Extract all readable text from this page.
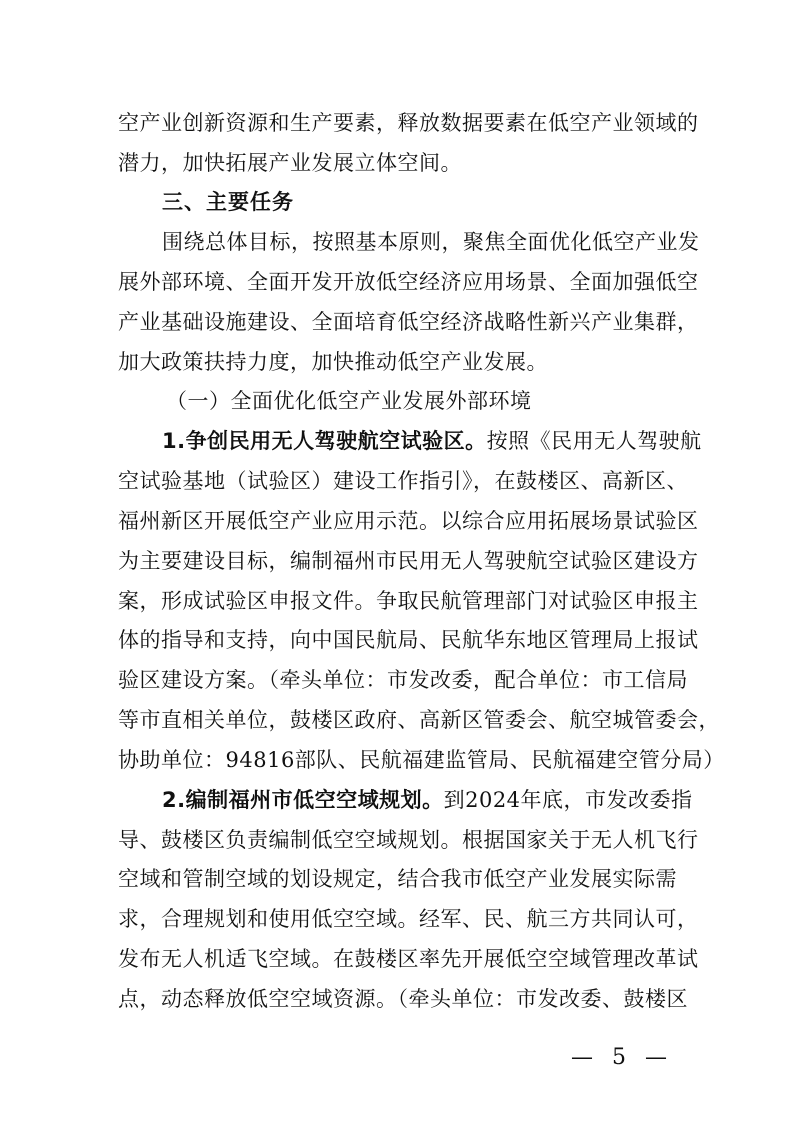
空产业创新资源和生产要素，释放数据要素在低空产业领域的
潜力，加快拓展产业发展立体空间。
三、主要任务
围绕总体目标，按照基本原则，聚焦全面优化低空产业发
展外部环境、全面开发开放低空经济应用场景、全面加强低空
产业基础设施建设、全面培育低空经济战略性新兴产业集群，
加大政策扶持力度，加快推动低空产业发展。
（一）全面优化低空产业发展外部环境
1.争创民用无人驾驶航空试验区。按照《民用无人驾驶航
空试验基地（试验区）建设工作指引》，在鼓楼区、高新区、
福州新区开展低空产业应用示范。以综合应用拓展场景试验区
为主要建设目标，编制福州市民用无人驾驶航空试验区建设方
案，形成试验区申报文件。争取民航管理部门对试验区申报主
体的指导和支持，向中国民航局、民航华东地区管理局上报试
验区建设方案。（牵头单位：市发改委，配合单位：市工信局
等市直相关单位，鼓楼区政府、高新区管委会、航空城管委会，
协助单位：94816部队、民航福建监管局、民航福建空管分局）
2.编制福州市低空空域规划。到2024年底，市发改委指
导、鼓楼区负责编制低空空域规划。根据国家关于无人机飞行
空域和管制空域的划设规定，结合我市低空产业发展实际需
求，合理规划和使用低空空域。经军、民、航三方共同认可，
发布无人机适飞空域。在鼓楼区率先开展低空空域管理改革试
点，动态释放低空空域资源。（牵头单位：市发改委、鼓楼区
— 5 —
